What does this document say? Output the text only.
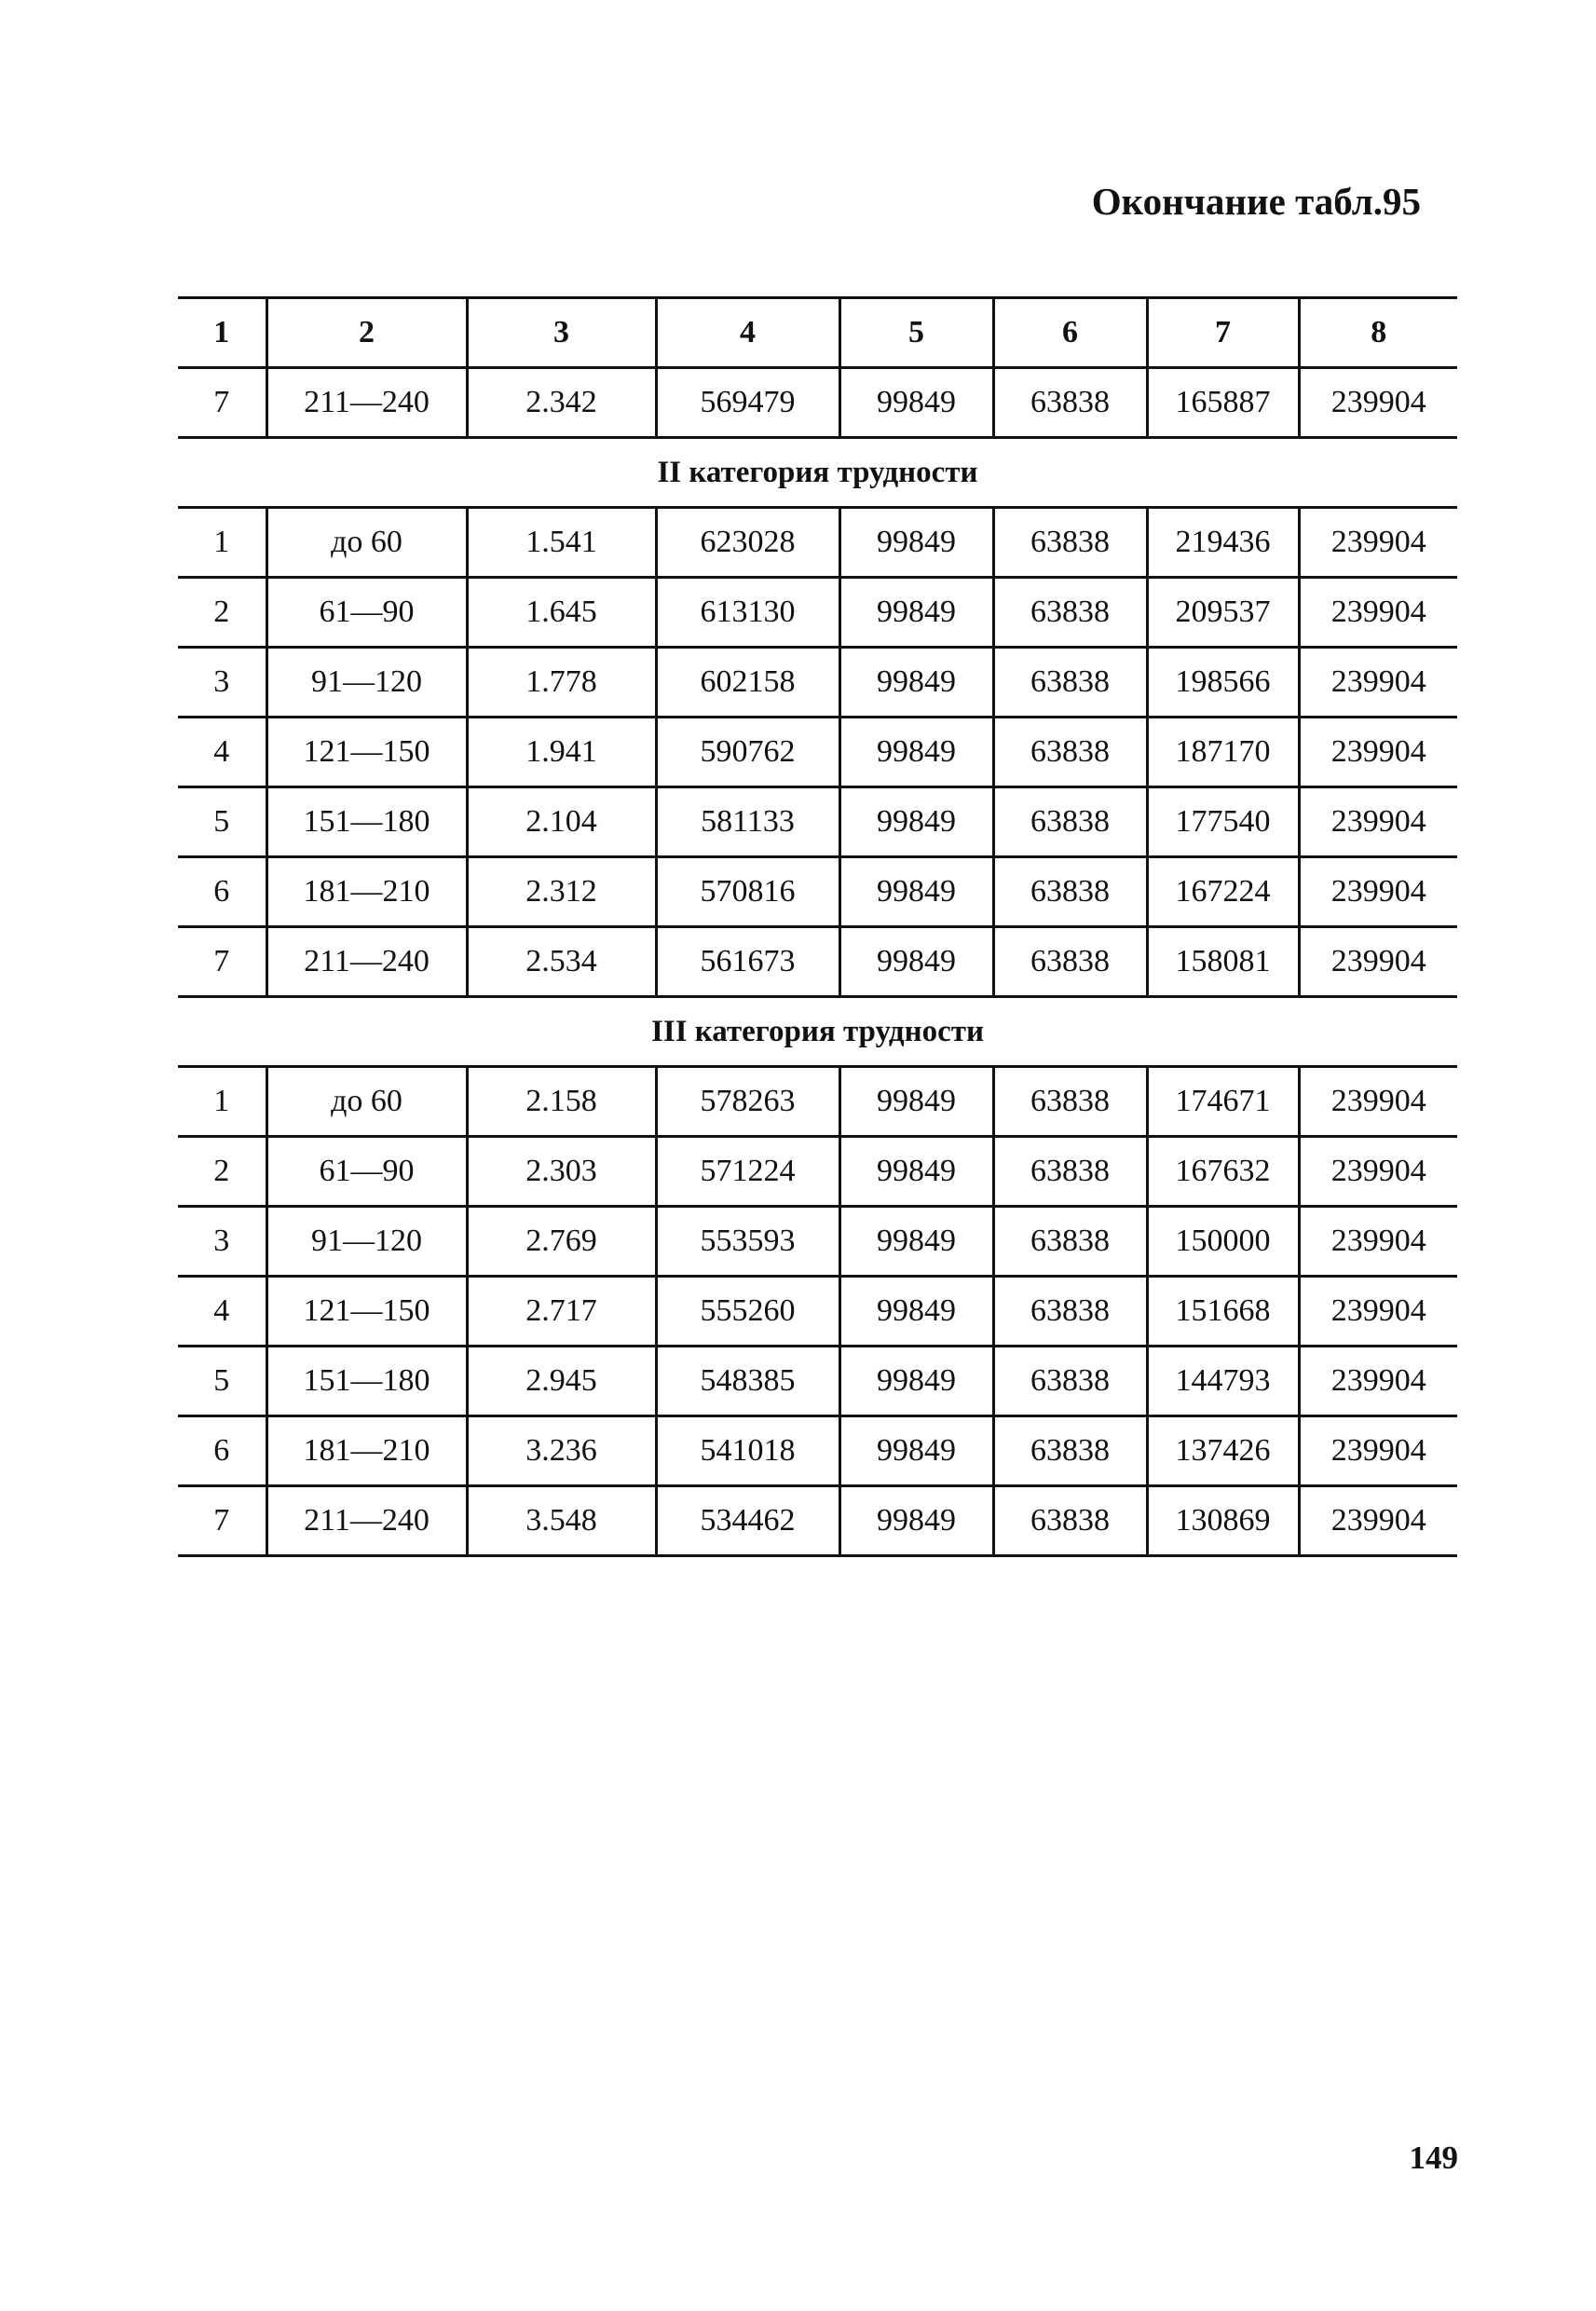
Окончание табл.95
1	2	3	4	5	6	7	8
7	211—240	2.342	569479	99849	63838	165887	239904
II категория трудности							
1	до 60	1.541	623028	99849	63838	219436	239904
2	61—90	1.645	613130	99849	63838	209537	239904
3	91—120	1.778	602158	99849	63838	198566	239904
4	121—150	1.941	590762	99849	63838	187170	239904
5	151—180	2.104	581133	99849	63838	177540	239904
6	181—210	2.312	570816	99849	63838	167224	239904
7	211—240	2.534	561673	99849	63838	158081	239904
III категория трудности							
1	до 60	2.158	578263	99849	63838	174671	239904
2	61—90	2.303	571224	99849	63838	167632	239904
3	91—120	2.769	553593	99849	63838	150000	239904
4	121—150	2.717	555260	99849	63838	151668	239904
5	151—180	2.945	548385	99849	63838	144793	239904
6	181—210	3.236	541018	99849	63838	137426	239904
7	211—240	3.548	534462	99849	63838	130869	239904
149
